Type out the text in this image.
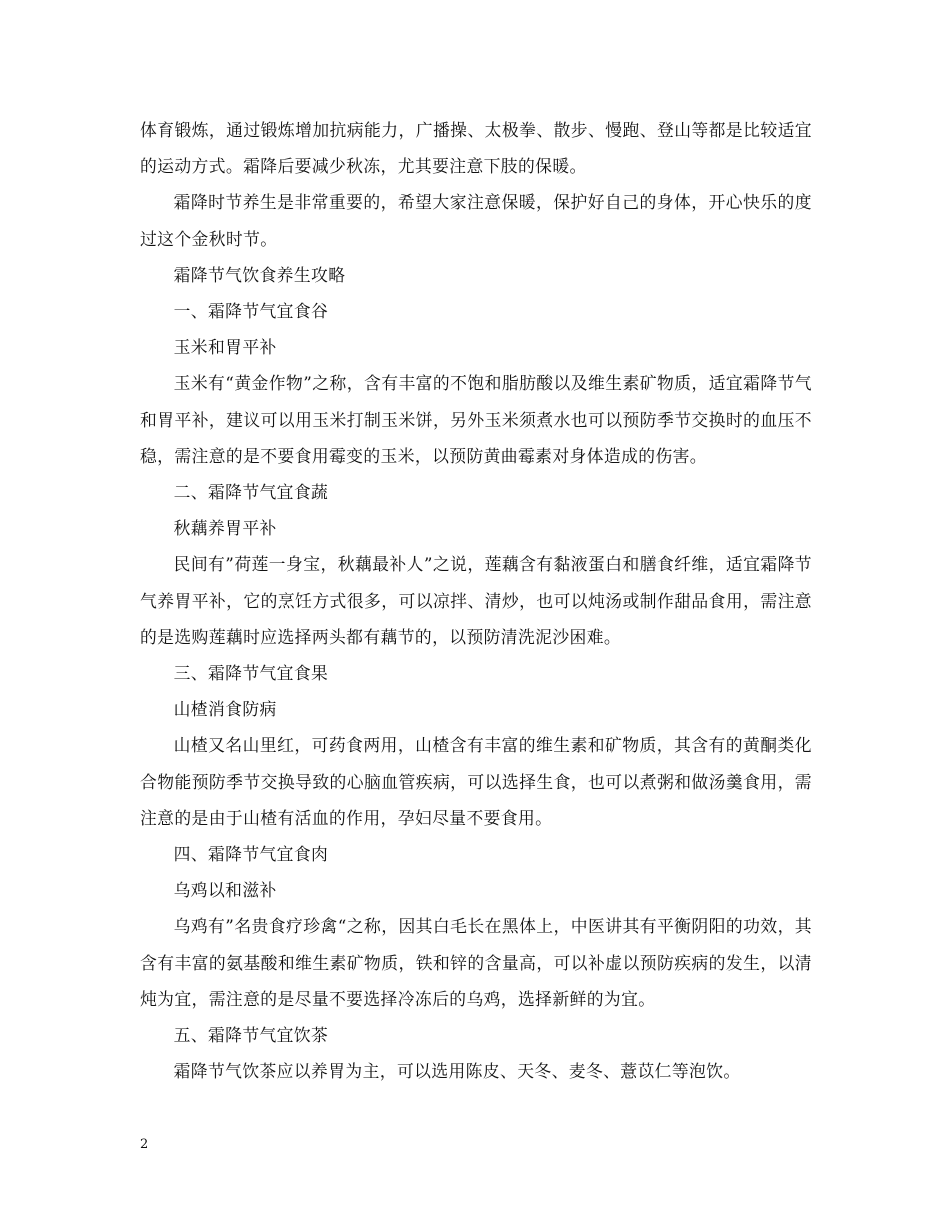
体育锻炼，通过锻炼增加抗病能力，广播操、太极拳、散步、慢跑、登山等都是比较适宜的运动方式。霜降后要减少秋冻，尤其要注意下肢的保暖。

霜降时节养生是非常重要的，希望大家注意保暖，保护好自己的身体，开心快乐的度过这个金秋时节。

霜降节气饮食养生攻略

一、霜降节气宜食谷

玉米和胃平补

玉米有“黄金作物”之称，含有丰富的不饱和脂肪酸以及维生素矿物质，适宜霜降节气和胃平补，建议可以用玉米打制玉米饼，另外玉米须煮水也可以预防季节交换时的血压不稳，需注意的是不要食用霉变的玉米，以预防黄曲霉素对身体造成的伤害。

二、霜降节气宜食蔬

秋藕养胃平补

民间有”荷莲一身宝，秋藕最补人”之说，莲藕含有黏液蛋白和膳食纤维，适宜霜降节气养胃平补，它的烹饪方式很多，可以凉拌、清炒，也可以炖汤或制作甜品食用，需注意的是选购莲藕时应选择两头都有藕节的，以预防清洗泥沙困难。

三、霜降节气宜食果

山楂消食防病

山楂又名山里红，可药食两用，山楂含有丰富的维生素和矿物质，其含有的黄酮类化合物能预防季节交换导致的心脑血管疾病，可以选择生食，也可以煮粥和做汤羹食用，需注意的是由于山楂有活血的作用，孕妇尽量不要食用。

四、霜降节气宜食肉

乌鸡以和滋补

乌鸡有”名贵食疗珍禽“之称，因其白毛长在黑体上，中医讲其有平衡阴阳的功效，其含有丰富的氨基酸和维生素矿物质，铁和锌的含量高，可以补虚以预防疾病的发生，以清炖为宜，需注意的是尽量不要选择冷冻后的乌鸡，选择新鲜的为宜。

五、霜降节气宜饮茶

霜降节气饮茶应以养胃为主，可以选用陈皮、天冬、麦冬、薏苡仁等泡饮。

2
